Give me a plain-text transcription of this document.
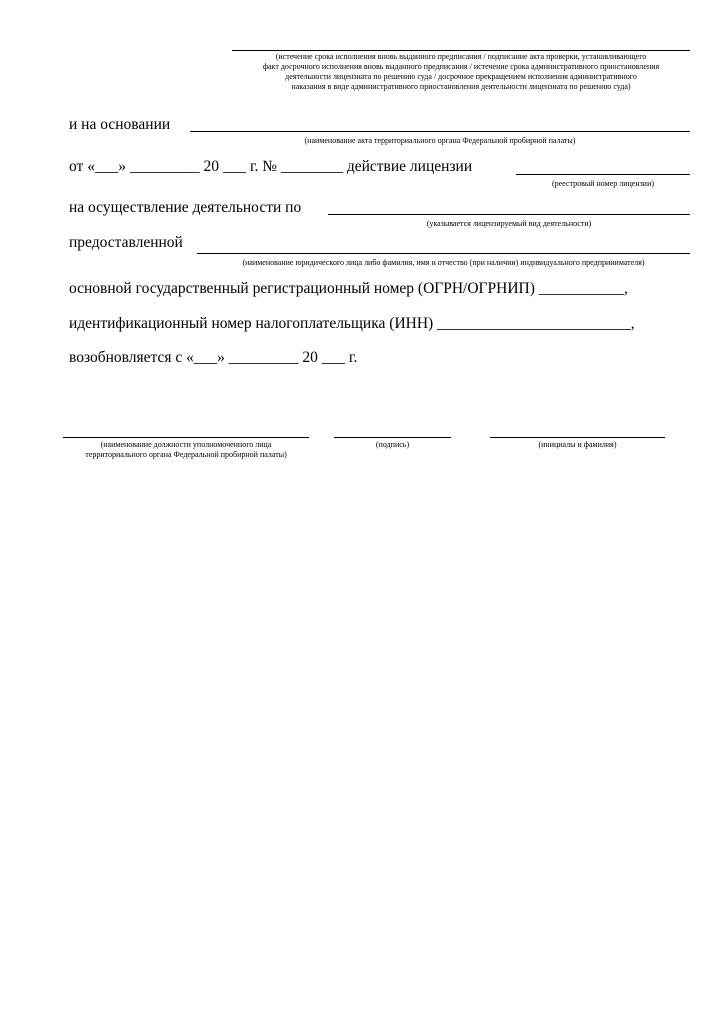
(истечение срока исполнения вновь выданного предписания / подписание акта проверки, устанавливающего
факт досрочного исполнения вновь выданного предписания / истечение срока административного приостановления
деятельности лицензиата по решению суда / досрочное прекращением исполнения административного
наказания в виде административного приостановления деятельности лицензиата по решению суда)
и на основании
(наименование акта территориального органа Федеральной пробирной палаты)
от «___» _________ 20 ___ г. № ________ действие лицензии
(реестровый номер лицензии)
на осуществление деятельности по
(указывается лицензируемый вид деятельности)
предоставленной
(наименование юридического лица либо фамилия, имя и отчество (при наличии) индивидуального предпринимателя)
основной государственный регистрационный номер (ОГРН/ОГРНИП) ___________,
идентификационный номер налогоплательщика (ИНН) _________________________,
возобновляется с «___» _________ 20 ___ г.
(наименование должности уполномоченного лица
территориального органа Федеральной пробирной палаты)
(подпись)	(инициалы и фамилия)
